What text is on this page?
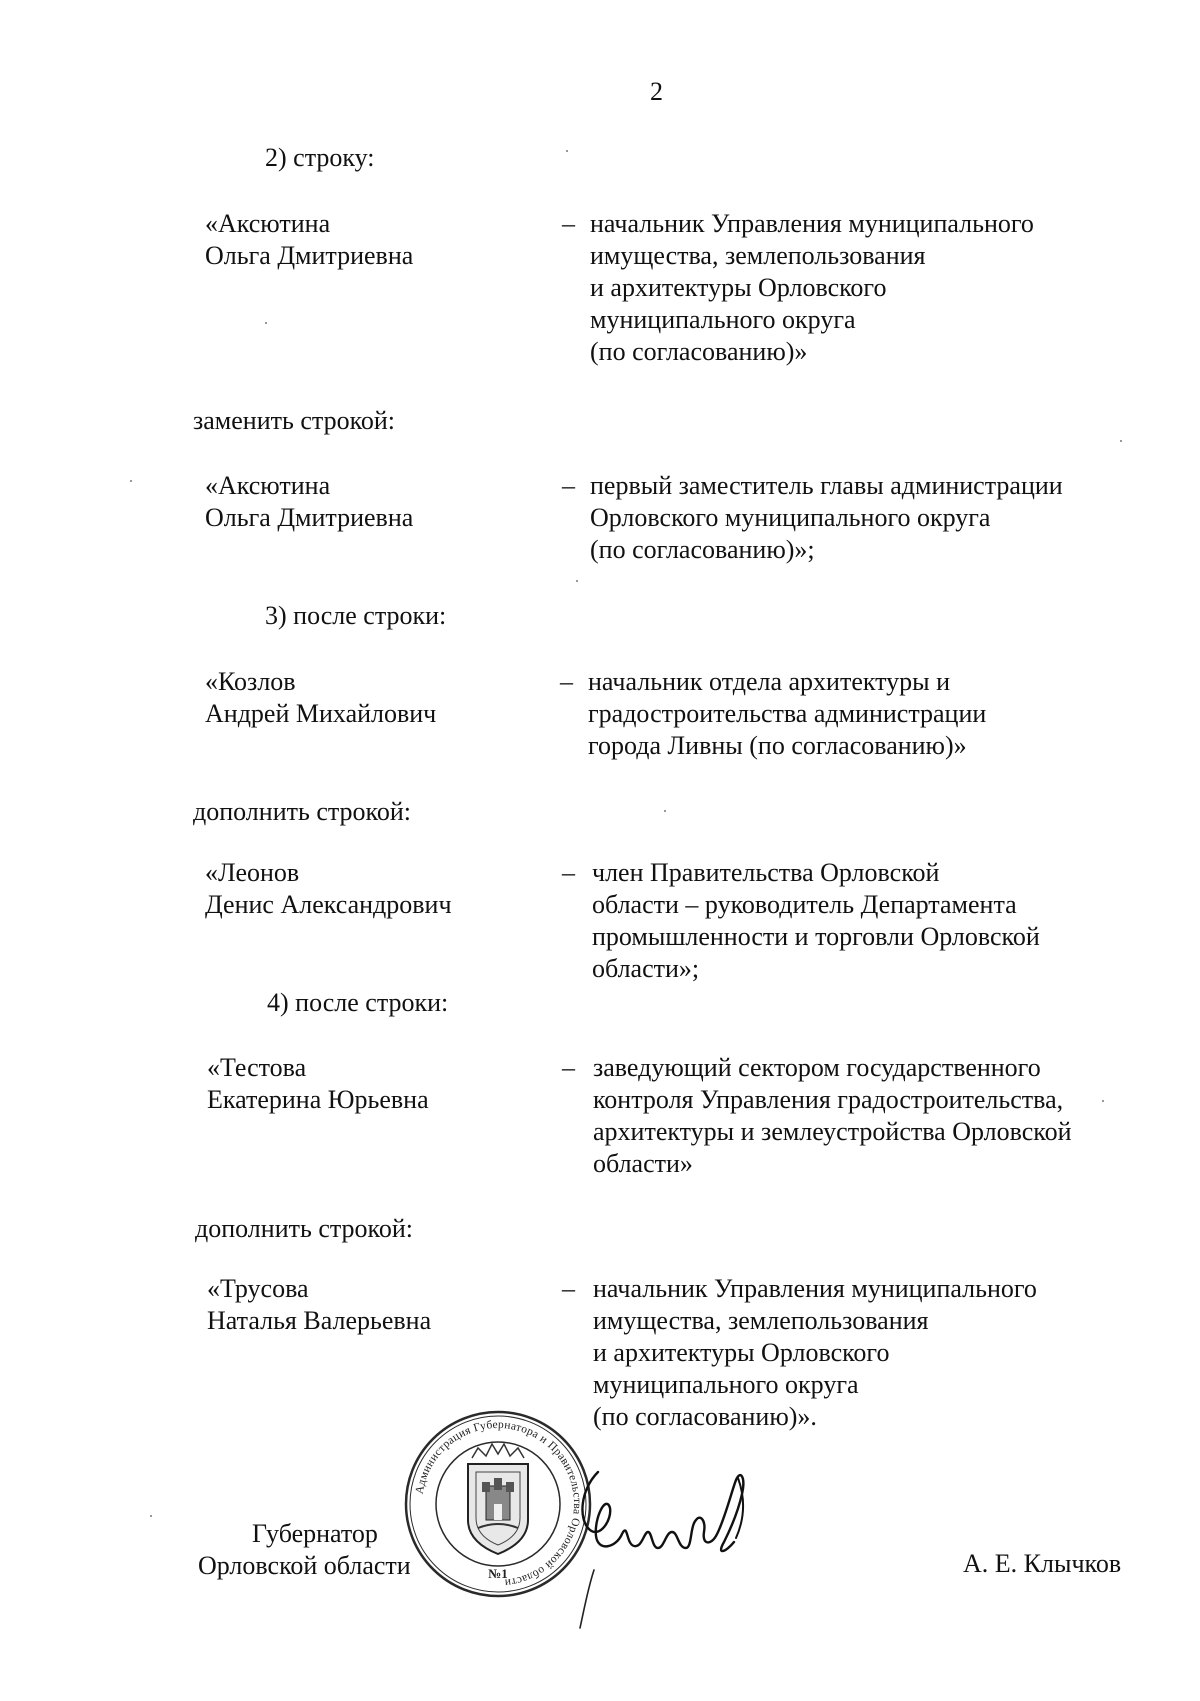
2
2) строку:
«Аксютина
Ольга Дмитриевна
– начальник Управления муниципального
имущества, землепользования
и архитектуры Орловского
муниципального округа
(по согласованию)»
заменить строкой:
«Аксютина
Ольга Дмитриевна
– первый заместитель главы администрации
Орловского муниципального округа
(по согласованию)»;
3) после строки:
«Козлов
Андрей Михайлович
– начальник отдела архитектуры и
градостроительства администрации
города Ливны (по согласованию)»
дополнить строкой:
«Леонов
Денис Александрович
– член Правительства Орловской
области – руководитель Департамента
промышленности и торговли Орловской
области»;
4) после строки:
«Тестова
Екатерина Юрьевна
– заведующий сектором государственного
контроля Управления градостроительства,
архитектуры и землеустройства Орловской
области»
дополнить строкой:
«Трусова
Наталья Валерьевна
– начальник Управления муниципального
имущества, землепользования
и архитектуры Орловского
муниципального округа
(по согласованию)».
Губернатор
Орловской области	А. Е. Клычков
Администрация Губернатора и Правительства Орловской области
№1
